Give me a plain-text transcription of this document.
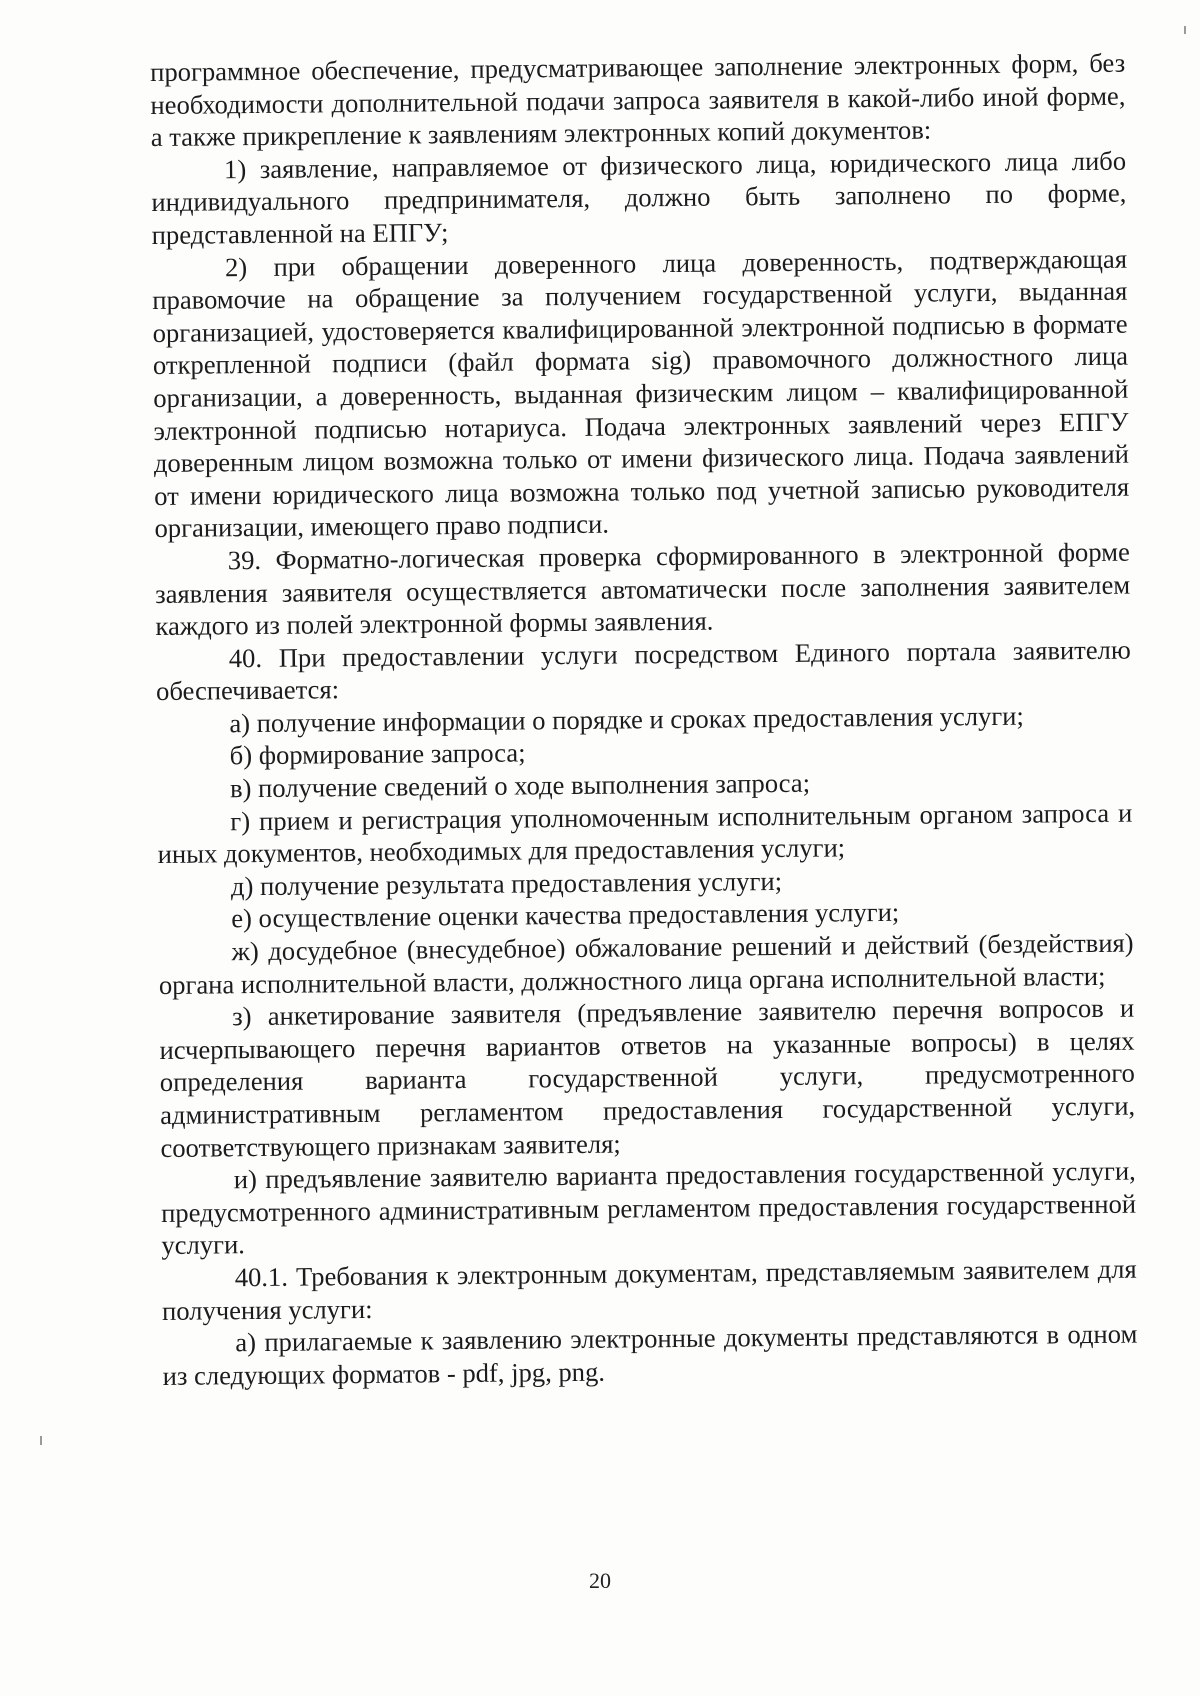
программное обеспечение, предусматривающее заполнение электронных форм, без необходимости дополнительной подачи запроса заявителя в какой-либо иной форме, а также прикрепление к заявлениям электронных копий документов:

1) заявление, направляемое от физического лица, юридического лица либо индивидуального предпринимателя, должно быть заполнено по форме, представленной на ЕПГУ;

2) при обращении доверенного лица доверенность, подтверждающая правомочие на обращение за получением государственной услуги, выданная организацией, удостоверяется квалифицированной электронной подписью в формате открепленной подписи (файл формата sig) правомочного должностного лица организации, а доверенность, выданная физическим лицом – квалифицированной электронной подписью нотариуса. Подача электронных заявлений через ЕПГУ доверенным лицом возможна только от имени физического лица. Подача заявлений от имени юридического лица возможна только под учетной записью руководителя организации, имеющего право подписи.

39. Форматно-логическая проверка сформированного в электронной форме заявления заявителя осуществляется автоматически после заполнения заявителем каждого из полей электронной формы заявления.

40. При предоставлении услуги посредством Единого портала заявителю обеспечивается:

а) получение информации о порядке и сроках предоставления услуги;

б) формирование запроса;

в) получение сведений о ходе выполнения запроса;

г) прием и регистрация уполномоченным исполнительным органом запроса и иных документов, необходимых для предоставления услуги;

д) получение результата предоставления услуги;

е) осуществление оценки качества предоставления услуги;

ж) досудебное (внесудебное) обжалование решений и действий (бездействия) органа исполнительной власти, должностного лица органа исполнительной власти;

з) анкетирование заявителя (предъявление заявителю перечня вопросов и исчерпывающего перечня вариантов ответов на указанные вопросы) в целях определения варианта государственной услуги, предусмотренного административным регламентом предоставления государственной услуги, соответствующего признакам заявителя;

и) предъявление заявителю варианта предоставления государственной услуги, предусмотренного административным регламентом предоставления государственной услуги.

40.1. Требования к электронным документам, представляемым заявителем для получения услуги:

а) прилагаемые к заявлению электронные документы представляются в одном из следующих форматов - pdf, jpg, png.

20
